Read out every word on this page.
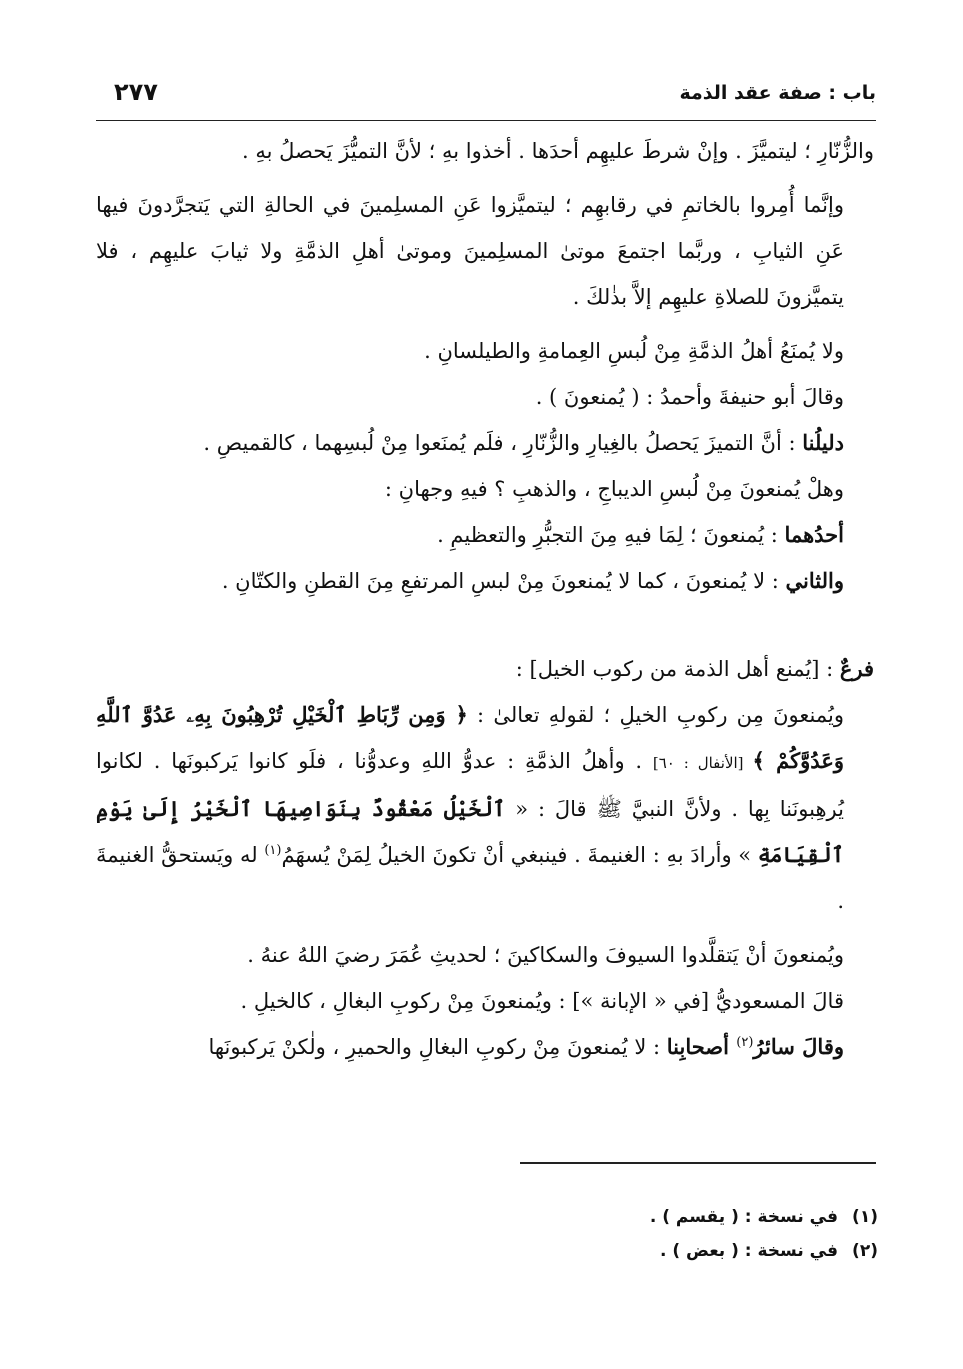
باب : صفة عقد الذمة
٢٧٧

والزُّنّارِ ؛ ليتميَّزَ . وإنْ شرطَ عليهِم أحدَها . أخذوا بهِ ؛ لأنَّ التميُّزَ يَحصلُ بهِ .

وإنَّما أُمِروا بالخاتمِ في رقابهِم ؛ ليتميَّزوا عَنِ المسلِمينَ في الحالةِ التي يَتجرَّدونَ فيها عَنِ الثيابِ ، وربَّما اجتمعَ موتىٰ المسلِمينَ وموتىٰ أهلِ الذمَّةِ ولا ثيابَ عليهِم ، فلا يتميَّزونَ للصلاةِ عليهِم إلاَّ بذٰلكَ .

ولا يُمنَعُ أهلُ الذمَّةِ مِنْ لُبسِ العِمامةِ والطيلسانِ .

وقالَ أبو حنيفةَ وأحمدُ : ( يُمنعونَ ) .

دليلُنا : أنَّ التميزَ يَحصلُ بالغِيارِ والزُّنّارِ ، فلَم يُمنَعوا مِنْ لُبسِهما ، كالقميصِ .

وهلْ يُمنعونَ مِنْ لُبسِ الديباجِ ، والذهبِ ؟ فيهِ وجهانِ :

أحدُهما : يُمنعونَ ؛ لِمَا فيهِ مِنَ التجبُّرِ والتعظيمِ .

والثاني : لا يُمنعونَ ، كما لا يُمنعونَ مِنْ لبسِ المرتفعِ مِنَ القطنِ والكتّانِ .

فرعٌ : [يُمنع أهل الذمة من ركوب الخيل] :

ويُمنعونَ مِن ركوبِ الخيلِ ؛ لقولهِ تعالىٰ : ﴿ وَمِن رِّبَاطِ ٱلْخَيْلِ تُرْهِبُونَ بِهِۦ عَدُوَّ ٱللَّهِ وَعَدُوَّكُمْ ﴾ [الأنفال : ٦٠] . وأهلُ الذمَّةِ : عدوُّ اللهِ وعدوُّنا ، فلَو كانوا يَركبونَها . لكانوا يُرهِبونَنا بِها . ولأنَّ النبيَّ ﷺ قالَ : « ٱلْخَيْلُ مَعْقُودٌ بِنَوَاصِيهَا ٱلْخَيْرُ إِلَىٰ يَوْمِ ٱلْقِيَامَةِ » وأرادَ بهِ : الغنيمةَ . فينبغي أنْ تكونَ الخيلُ لِمَنْ يُسهَمُ$^{(١)}$ له ويَستحقُّ الغنيمةَ .

ويُمنعونَ أنْ يَتقلَّدوا السيوفَ والسكاكينَ ؛ لحديثِ عُمَرَ رضيَ اللهُ عنهُ .

قالَ المسعوديُّ [في « الإبانة »] : ويُمنعونَ مِنْ ركوبِ البغالِ ، كالخيلِ .

وقالَ سائرُ$^{(٢)}$ أصحابِنا : لا يُمنعونَ مِنْ ركوبِ البغالِ والحميرِ ، ولٰكنْ يَركبونَها

(١)في نسخة : ( يقسم ) .

(٢)في نسخة : ( بعض ) .
